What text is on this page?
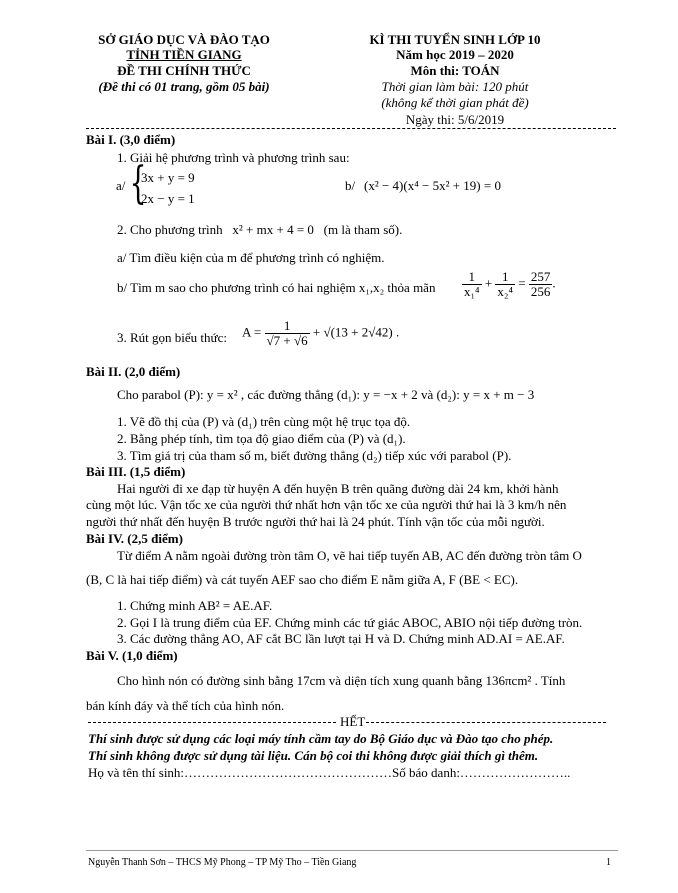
SỞ GIÁO DỤC VÀ ĐÀO TẠO
TỈNH TIỀN GIANG
ĐỀ THI CHÍNH THỨC
(Đề thi có 01 trang, gồm 05 bài)
KÌ THI TUYỂN SINH LỚP 10
Năm học 2019 – 2020
Môn thi: TOÁN
Thời gian làm bài: 120 phút
(không kể thời gian phát đề)
Ngày thi: 5/6/2019
Bài I. (3,0 điểm)
1. Giải hệ phương trình và phương trình sau:
a/ {
3x + y = 9
2x − y = 1
b/ (x² − 4)(x⁴ − 5x² + 19) = 0
2. Cho phương trình x² + mx + 4 = 0 (m là tham số).
a/ Tìm điều kiện của m để phương trình có nghiệm.
b/ Tìm m sao cho phương trình có hai nghiệm x₁,x₂ thỏa mãn $\frac{1}{\text{x₁⁴}} + \frac{1}{\text{x₂⁴}} = \frac{257}{256}$ .
3. Rút gọn biểu thức: $A = \frac{1}{√7 + √6} + √(13 + 2√42)$ .
Bài II. (2,0 điểm)
Cho parabol (P): y = x² , các đường thẳng (d₁): y = −x + 2 và (d₂): y = x + m − 3
1. Vẽ đồ thị của (P) và (d₁) trên cùng một hệ trục tọa độ.
2. Bằng phép tính, tìm tọa độ giao điểm của (P) và (d₁).
3. Tìm giá trị của tham số m, biết đường thẳng (d₂) tiếp xúc với parabol (P).
Bài III. (1,5 điểm)
Hai người đi xe đạp từ huyện A đến huyện B trên quãng đường dài 24 km, khởi hành
cùng một lúc. Vận tốc xe của người thứ nhất hơn vận tốc xe của người thứ hai là 3 km/h nên
người thứ nhất đến huyện B trước người thứ hai là 24 phút. Tính vận tốc của mỗi người.
Bài IV. (2,5 điểm)
Từ điểm A nằm ngoài đường tròn tâm O, vẽ hai tiếp tuyến AB, AC đến đường tròn tâm O
(B, C là hai tiếp điểm) và cát tuyến AEF sao cho điểm E nằm giữa A, F (BE < EC).
1. Chứng minh AB² = AE.AF.
2. Gọi I là trung điểm của EF. Chứng minh các tứ giác ABOC, ABIO nội tiếp đường tròn.
3. Các đường thẳng AO, AF cắt BC lần lượt tại H và D. Chứng minh AD.AI = AE.AF.
Bài V. (1,0 điểm)
Cho hình nón có đường sinh bằng 17cm và diện tích xung quanh bằng 136πcm² . Tính
bán kính đáy và thể tích của hình nón.
HẾT
Thí sinh được sử dụng các loại máy tính cầm tay do Bộ Giáo dục và Đào tạo cho phép.
Thí sinh không được sử dụng tài liệu. Cán bộ coi thi không được giải thích gì thêm.
Họ và tên thí sinh:…………………………………………Số báo danh:……………………..
Nguyễn Thanh Sơn – THCS Mỹ Phong – TP Mỹ Tho – Tiền Giang	1
